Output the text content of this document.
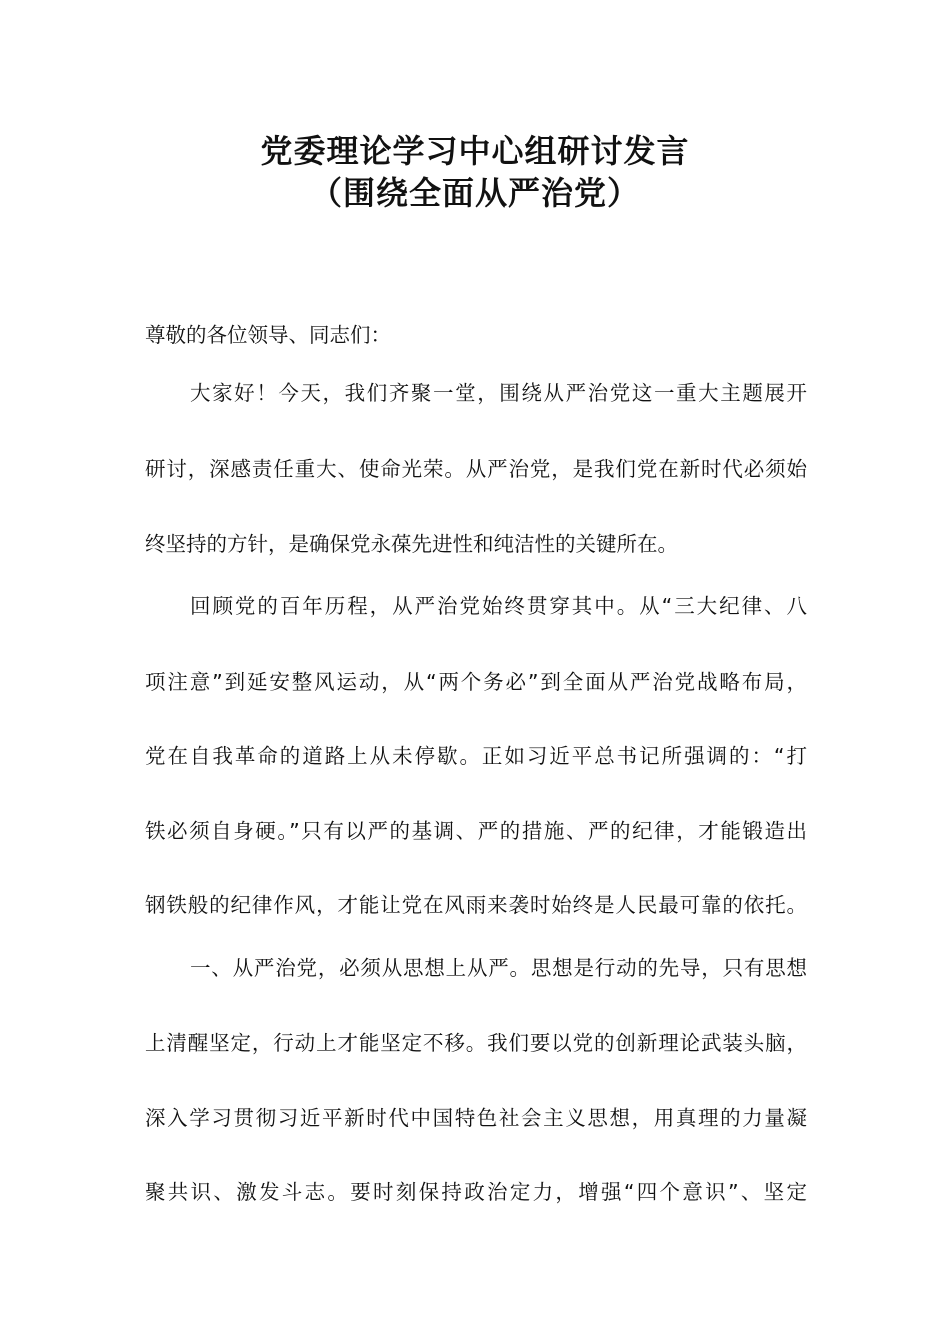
党委理论学习中心组研讨发言
（围绕全面从严治党）
尊敬的各位领导、同志们：
大家好！今天，我们齐聚一堂，围绕从严治党这一重大主题展开
研讨，深感责任重大、使命光荣。从严治党，是我们党在新时代必须始
终坚持的方针，是确保党永葆先进性和纯洁性的关键所在。
回顾党的百年历程，从严治党始终贯穿其中。从“三大纪律、八
项注意”到延安整风运动，从“两个务必”到全面从严治党战略布局，
党在自我革命的道路上从未停歇。正如习近平总书记所强调的：“打
铁必须自身硬。”只有以严的基调、严的措施、严的纪律，才能锻造出
钢铁般的纪律作风，才能让党在风雨来袭时始终是人民最可靠的依托。
一、从严治党，必须从思想上从严。思想是行动的先导，只有思想
上清醒坚定，行动上才能坚定不移。我们要以党的创新理论武装头脑，
深入学习贯彻习近平新时代中国特色社会主义思想，用真理的力量凝
聚共识、激发斗志。要时刻保持政治定力，增强“四个意识”、坚定
